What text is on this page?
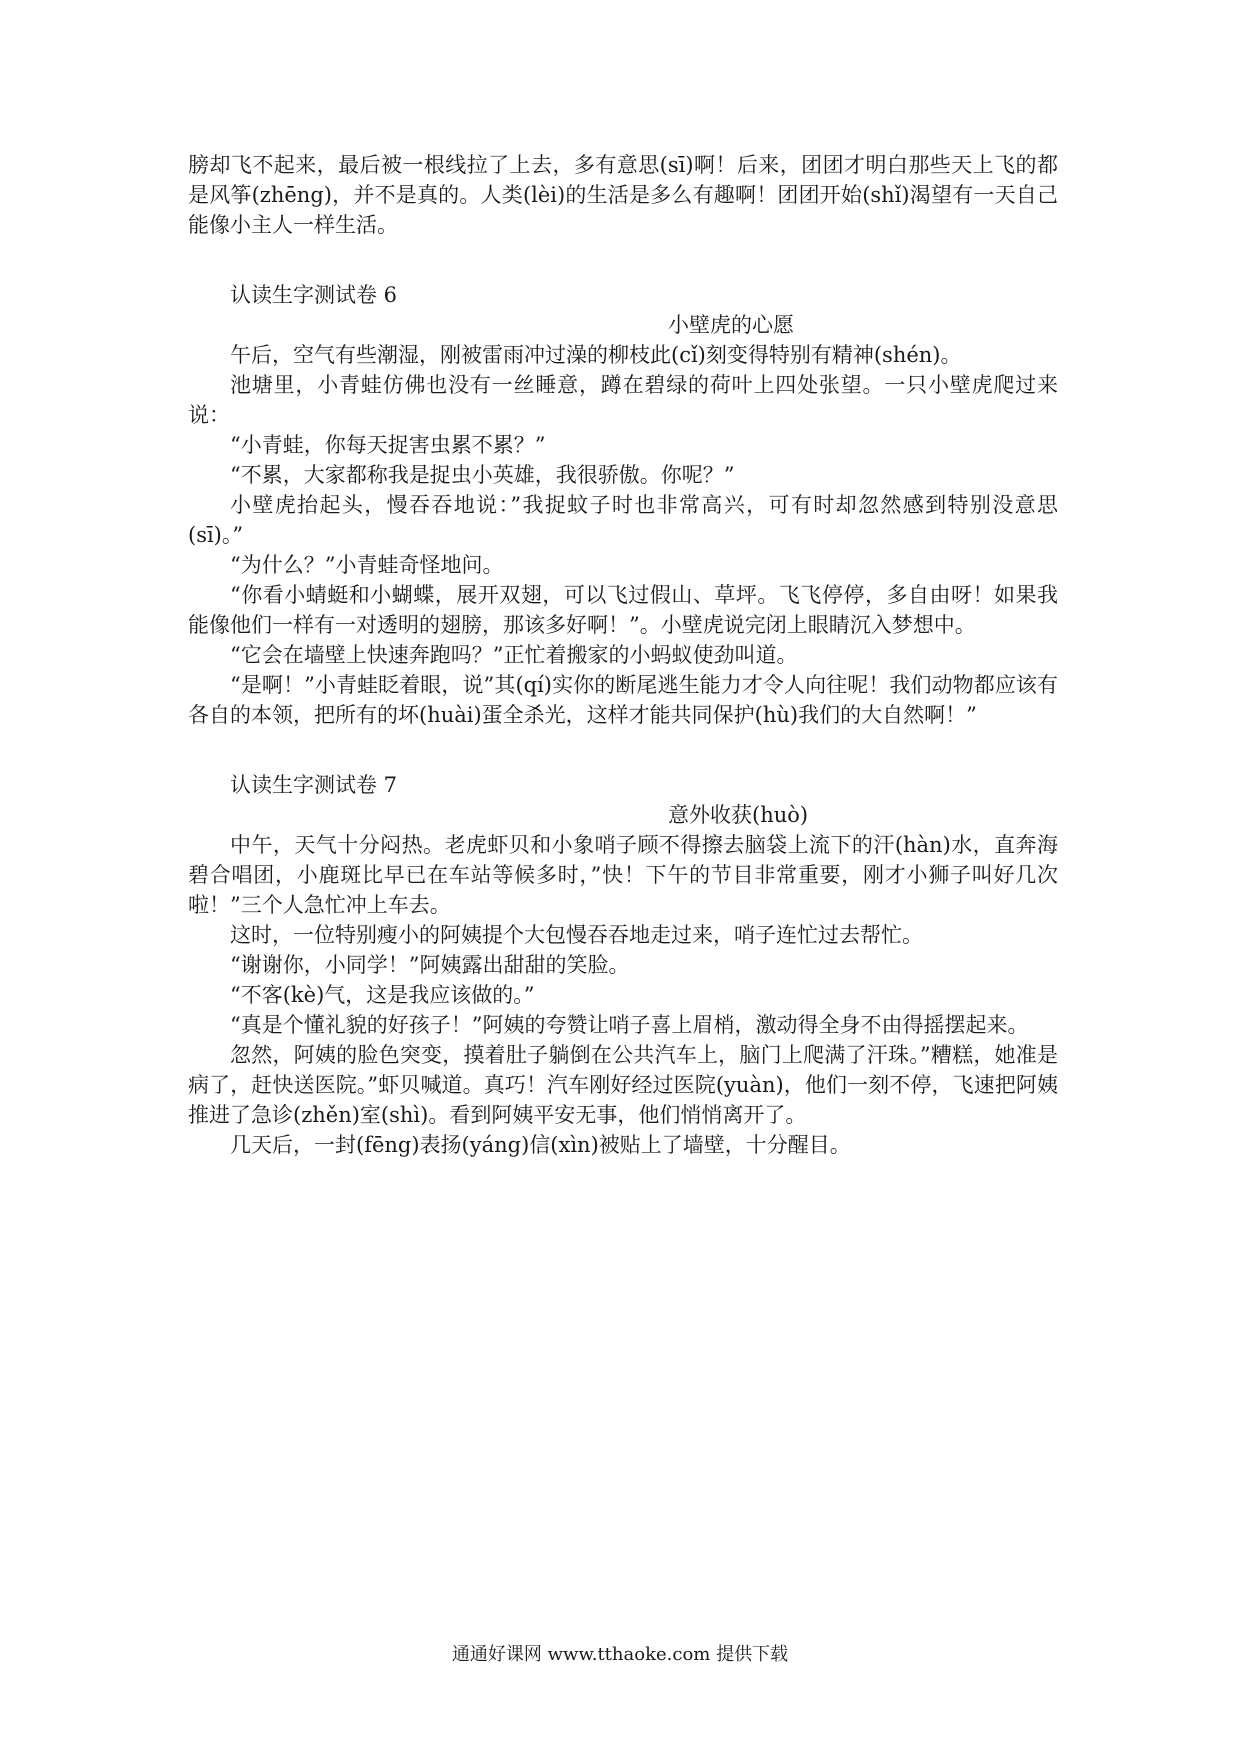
膀却飞不起来，最后被一根线拉了上去，多有意思(sī)啊！后来，团团才明白那些天上飞的都是风筝(zhēng)，并不是真的。人类(lèi)的生活是多么有趣啊！团团开始(shǐ)渴望有一天自己能像小主人一样生活。

认读生字测试卷 6

小壁虎的心愿

午后，空气有些潮湿，刚被雷雨冲过澡的柳枝此(cǐ)刻变得特别有精神(shén)。

池塘里，小青蛙仿佛也没有一丝睡意，蹲在碧绿的荷叶上四处张望。一只小壁虎爬过来说：

“小青蛙，你每天捉害虫累不累？”

“不累，大家都称我是捉虫小英雄，我很骄傲。你呢？”

小壁虎抬起头，慢吞吞地说：”我捉蚊子时也非常高兴，可有时却忽然感到特别没意思(sī)。”

“为什么？”小青蛙奇怪地问。

“你看小蜻蜓和小蝴蝶，展开双翅，可以飞过假山、草坪。飞飞停停，多自由呀！如果我能像他们一样有一对透明的翅膀，那该多好啊！”。小壁虎说完闭上眼睛沉入梦想中。

“它会在墙壁上快速奔跑吗？”正忙着搬家的小蚂蚁使劲叫道。

“是啊！”小青蛙眨着眼，说”其(qí)实你的断尾逃生能力才令人向往呢！我们动物都应该有各自的本领，把所有的坏(huài)蛋全杀光，这样才能共同保护(hù)我们的大自然啊！”

认读生字测试卷 7

意外收获(huò)

中午，天气十分闷热。老虎虾贝和小象哨子顾不得擦去脑袋上流下的汗(hàn)水，直奔海碧合唱团，小鹿斑比早已在车站等候多时，”快！下午的节目非常重要，刚才小狮子叫好几次啦！”三个人急忙冲上车去。

这时，一位特别瘦小的阿姨提个大包慢吞吞地走过来，哨子连忙过去帮忙。

“谢谢你，小同学！”阿姨露出甜甜的笑脸。

“不客(kè)气，这是我应该做的。”

“真是个懂礼貌的好孩子！”阿姨的夸赞让哨子喜上眉梢，激动得全身不由得摇摆起来。

忽然，阿姨的脸色突变，摸着肚子躺倒在公共汽车上，脑门上爬满了汗珠。”糟糕，她准是病了，赶快送医院。”虾贝喊道。真巧！汽车刚好经过医院(yuàn)，他们一刻不停，飞速把阿姨推进了急诊(zhěn)室(shì)。看到阿姨平安无事，他们悄悄离开了。

几天后，一封(fēng)表扬(yáng)信(xìn)被贴上了墙壁，十分醒目。

通通好课网 www.tthaoke.com 提供下载
